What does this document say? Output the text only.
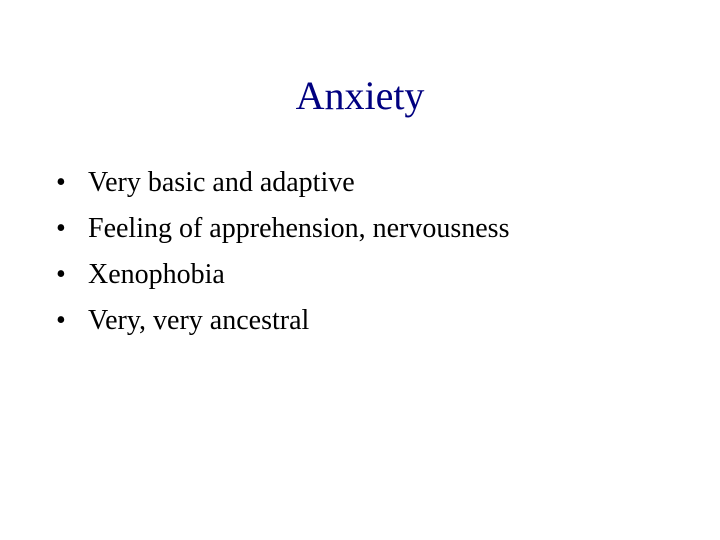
Anxiety
• Very basic and adaptive
• Feeling of apprehension, nervousness
• Xenophobia
• Very, very ancestral
